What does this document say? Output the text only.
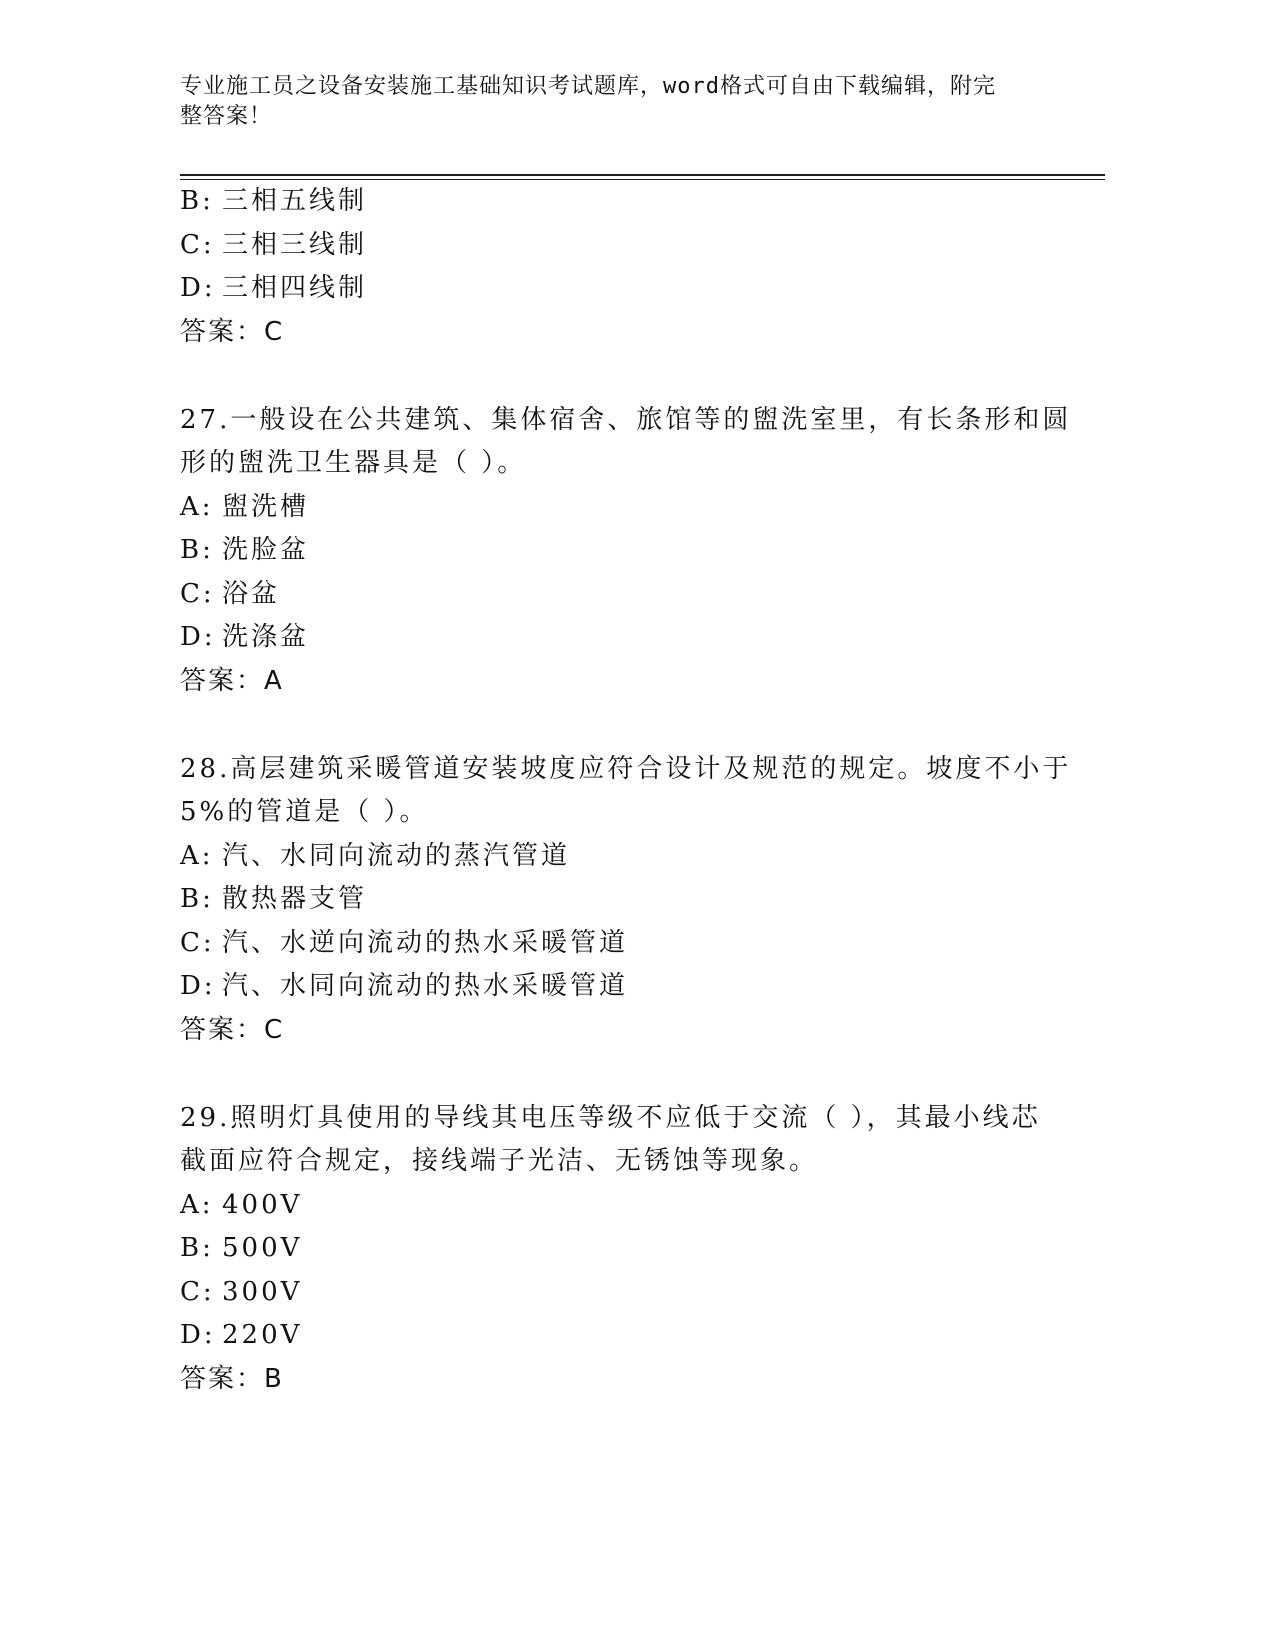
专业施工员之设备安装施工基础知识考试题库，word格式可自由下载编辑，附完
整答案！
B: 三相五线制
C: 三相三线制
D: 三相四线制
答案：C
27.一般设在公共建筑、集体宿舍、旅馆等的盥洗室里，有长条形和圆
形的盥洗卫生器具是（ ）。
A: 盥洗槽
B: 洗脸盆
C: 浴盆
D: 洗涤盆
答案：A
28.高层建筑采暖管道安装坡度应符合设计及规范的规定。坡度不小于
5%的管道是（ ）。
A: 汽、水同向流动的蒸汽管道
B: 散热器支管
C: 汽、水逆向流动的热水采暖管道
D: 汽、水同向流动的热水采暖管道
答案：C
29.照明灯具使用的导线其电压等级不应低于交流（ ），其最小线芯
截面应符合规定，接线端子光洁、无锈蚀等现象。
A: 400V
B: 500V
C: 300V
D: 220V
答案：B
